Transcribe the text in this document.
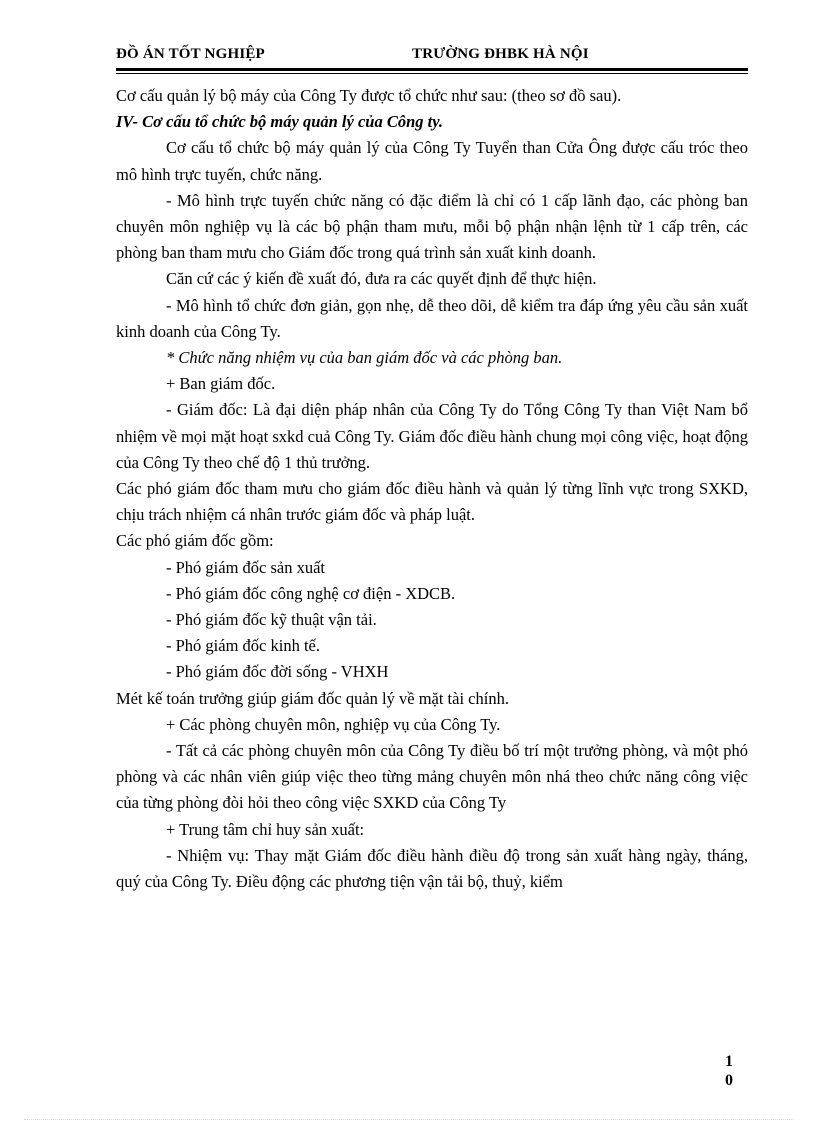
ĐỒ ÁN TỐT NGHIỆP	TRƯỜNG ĐHBK HÀ NỘI

Cơ cấu quản lý bộ máy của Công Ty được tổ chức như sau: (theo sơ đồ sau).

IV- Cơ cấu tổ chức bộ máy quản lý của Công ty.

Cơ cấu tổ chức bộ máy quản lý của Công Ty Tuyển than Cửa Ông được cấu tróc theo mô hình trực tuyến, chức năng.

- Mô hình trực tuyến chức năng có đặc điểm là chỉ có 1 cấp lãnh đạo, các phòng ban chuyên môn nghiệp vụ là các bộ phận tham mưu, mỗi bộ phận nhận lệnh từ 1 cấp trên, các phòng ban tham mưu cho Giám đốc trong quá trình sản xuất kinh doanh.

Căn cứ các ý kiến đề xuất đó, đưa ra các quyết định để thực hiện.

- Mô hình tổ chức đơn giản, gọn nhẹ, dễ theo dõi, dễ kiểm tra đáp ứng yêu cầu sản xuất kinh doanh của Công Ty.

* Chức năng nhiệm vụ của ban giám đốc và các phòng ban.

+ Ban giám đốc.

- Giám đốc: Là đại diện pháp nhân của Công Ty do Tổng Công Ty than Việt Nam bổ nhiệm về mọi mặt hoạt sxkd cuả Công Ty. Giám đốc điều hành chung mọi công việc, hoạt động của Công Ty theo chế độ 1 thủ trưởng.

Các phó giám đốc tham mưu cho giám đốc điều hành và quản lý từng lĩnh vực trong SXKD, chịu trách nhiệm cá nhân trước giám đốc và pháp luật.

Các phó giám đốc gồm:

- Phó giám đốc sản xuất

- Phó giám đốc công nghệ cơ điện - XDCB.

- Phó giám đốc kỹ thuật vận tải.

- Phó giám đốc kinh tế.

- Phó giám đốc đời sống - VHXH

Mét kế toán trưởng giúp giám đốc quản lý về mặt tài chính.

+ Các phòng chuyên môn, nghiệp vụ của Công Ty.

- Tất cả các phòng chuyên môn của Công Ty điều bố trí một trưởng phòng, và một phó phòng và các nhân viên giúp việc theo từng mảng chuyên môn nhá theo chức năng công việc của từng phòng đòi hỏi theo công việc SXKD của Công Ty

+ Trung tâm chỉ huy sản xuất:

- Nhiệm vụ: Thay mặt Giám đốc điều hành điều độ trong sản xuất hàng ngày, tháng, quý của Công Ty. Điều động các phương tiện vận tải bộ, thuỷ, kiểm

1
0
